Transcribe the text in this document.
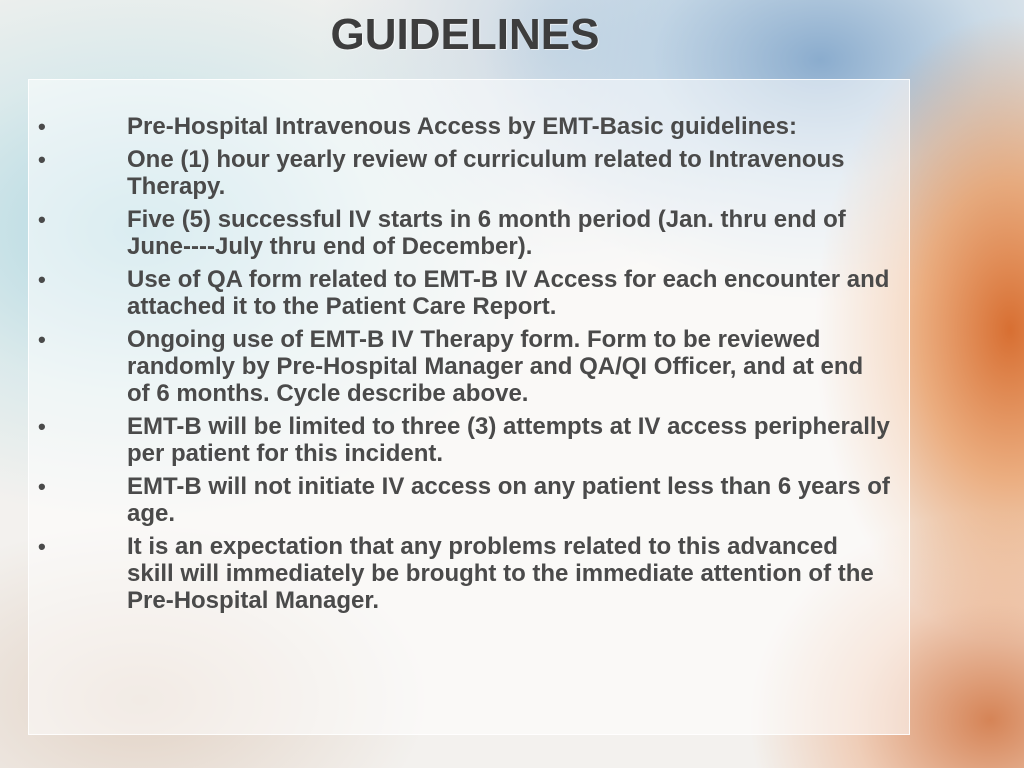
GUIDELINES
•	Pre-Hospital Intravenous Access by EMT-Basic guidelines:
•	One (1) hour yearly review of curriculum related to Intravenous Therapy.
•	Five (5) successful IV starts in 6 month period (Jan. thru end of June----July thru end of December).
•	Use of QA form related to EMT-B IV Access for each encounter and attached it to the Patient Care Report.
•	Ongoing use of EMT-B IV Therapy form. Form to be reviewed randomly by Pre-Hospital Manager and QA/QI Officer, and at end of 6 months. Cycle describe above.
•	EMT-B will be limited to three (3) attempts at IV access peripherally per patient for this incident.
•	EMT-B will not initiate IV access on any patient less than 6 years of age.
•	It is an expectation that any problems related to this advanced skill will immediately be brought to the immediate attention of the Pre-Hospital Manager.
